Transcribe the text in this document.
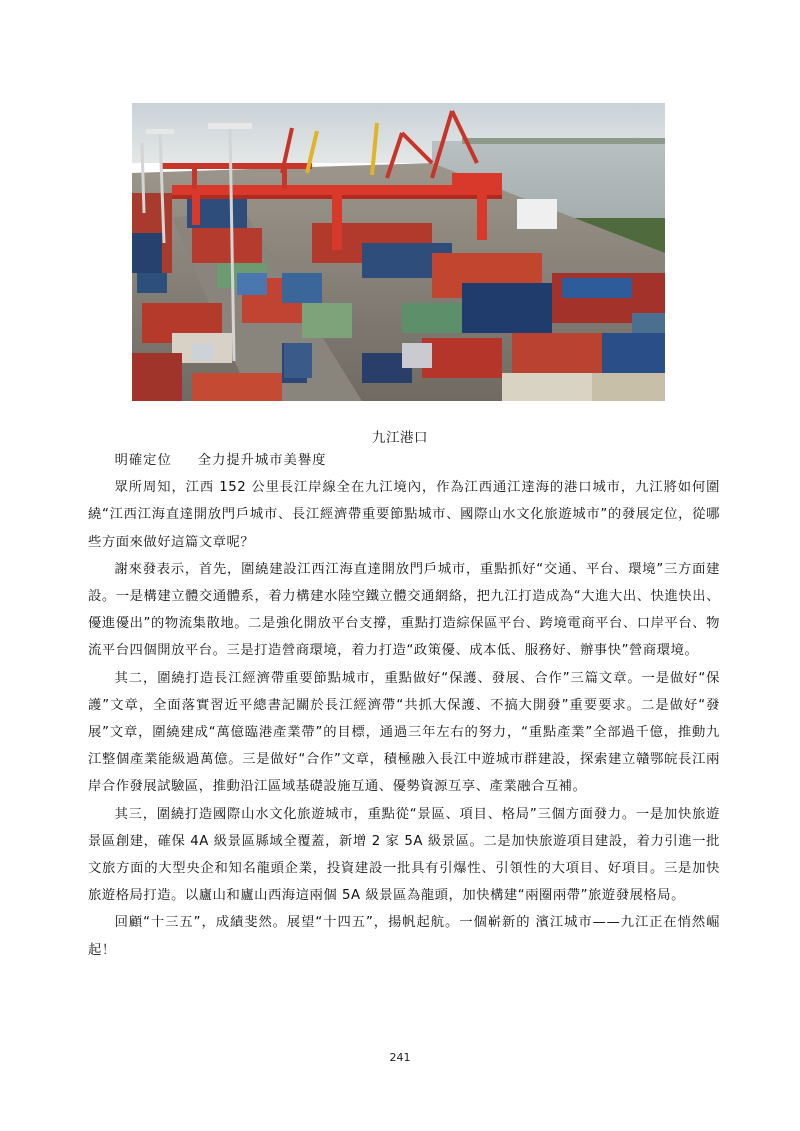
九江港口

明確定位 全力提升城市美譽度

眾所周知，江西 152 公里長江岸線全在九江境內，作為江西通江達海的港口城市，九江將如何圍繞“江西江海直達開放門戶城市、長江經濟帶重要節點城市、國際山水文化旅遊城市”的發展定位，從哪些方面來做好這篇文章呢？

謝來發表示，首先，圍繞建設江西江海直達開放門戶城市，重點抓好“交通、平台、環境”三方面建設。一是構建立體交通體系，着力構建水陸空鐵立體交通網絡，把九江打造成為“大進大出、快進快出、優進優出”的物流集散地。二是強化開放平台支撐，重點打造綜保區平台、跨境電商平台、口岸平台、物流平台四個開放平台。三是打造營商環境，着力打造“政策優、成本低、服務好、辦事快”營商環境。

其二，圍繞打造長江經濟帶重要節點城市，重點做好“保護、發展、合作”三篇文章。一是做好“保護”文章，全面落實習近平總書記關於長江經濟帶“共抓大保護、不搞大開發”重要要求。二是做好“發展”文章，圍繞建成“萬億臨港產業帶”的目標，通過三年左右的努力，“重點產業”全部過千億，推動九江整個產業能級過萬億。三是做好“合作”文章，積極融入長江中遊城市群建設，探索建立贛鄂皖長江兩岸合作發展試驗區，推動沿江區域基礎設施互通、優勢資源互享、產業融合互補。

其三，圍繞打造國際山水文化旅遊城市，重點從“景區、項目、格局”三個方面發力。一是加快旅遊景區創建，確保 4A 級景區縣域全覆蓋，新增 2 家 5A 級景區。二是加快旅遊項目建設，着力引進一批文旅方面的大型央企和知名龍頭企業，投資建設一批具有引爆性、引領性的大項目、好項目。三是加快旅遊格局打造。以廬山和廬山西海這兩個 5A 級景區為龍頭，加快構建“兩圈兩帶”旅遊發展格局。

回顧“十三五”，成績斐然。展望“十四五”，揚帆起航。一個嶄新的 濱江城市——九江正在悄然崛起！

241
